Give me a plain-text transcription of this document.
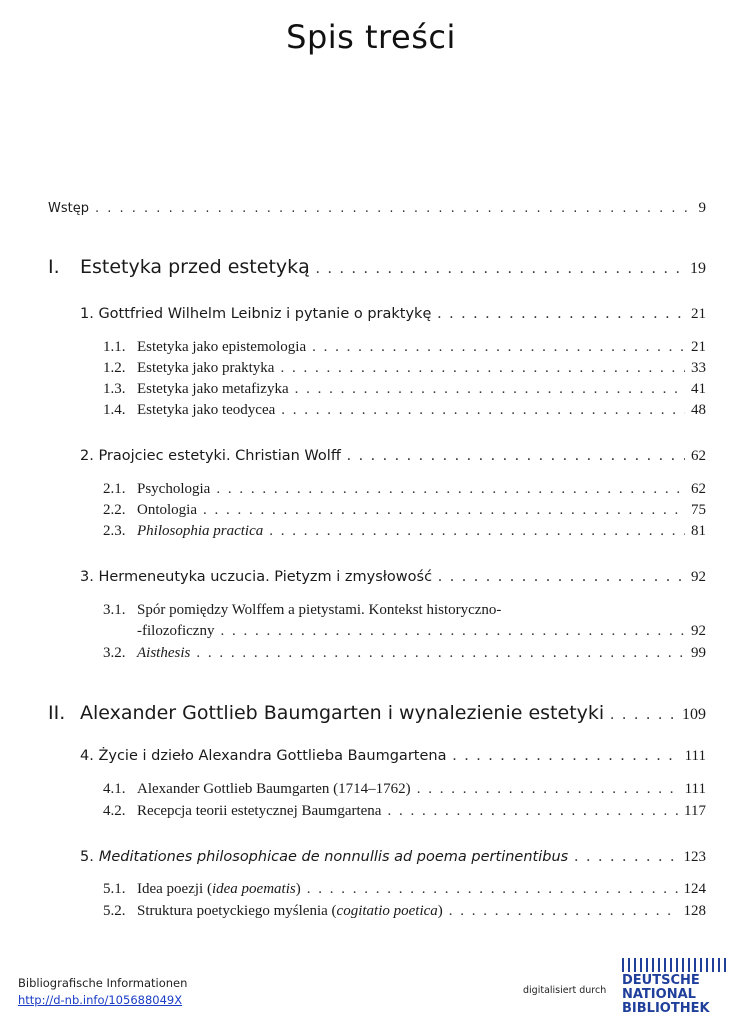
Spis treści
Wstęp . . .	9
I.	Estetyka przed estetyką . . .	19
1. Gottfried Wilhelm Leibniz i pytanie o praktykę . . .	21
1.1. Estetyka jako epistemologia . . .	21
1.2. Estetyka jako praktyka . . .	33
1.3. Estetyka jako metafizyka . . .	41
1.4. Estetyka jako teodycea . . .	48
2. Praojciec estetyki. Christian Wolff . . .	62
2.1. Psychologia . . .	62
2.2. Ontologia . . .	75
2.3. Philosophia practica . . .	81
3. Hermeneutyka uczucia. Pietyzm i zmysłowość . . .	92
3.1. Spór pomiędzy Wolffem a pietystami. Kontekst historyczno-
-filozoficzny . . .	92
3.2. Aisthesis . . .	99
II. Alexander Gottlieb Baumgarten i wynalezienie estetyki . . .	109
4. Życie i dzieło Alexandra Gottlieba Baumgartena . . .	111
4.1. Alexander Gottlieb Baumgarten (1714–1762) . . .	111
4.2. Recepcja teorii estetycznej Baumgartena . . .	117
5. Meditationes philosophicae de nonnullis ad poema pertinentibus . . .	123
5.1. Idea poezji (idea poematis) . . .	124
5.2. Struktura poetyckiego myślenia (cogitatio poetica) . . .	128
Bibliografische Informationen
http://d-nb.info/105688049X
digitalisiert durch
DEUTSCHE
NATIONAL
BIBLIOTHEK
